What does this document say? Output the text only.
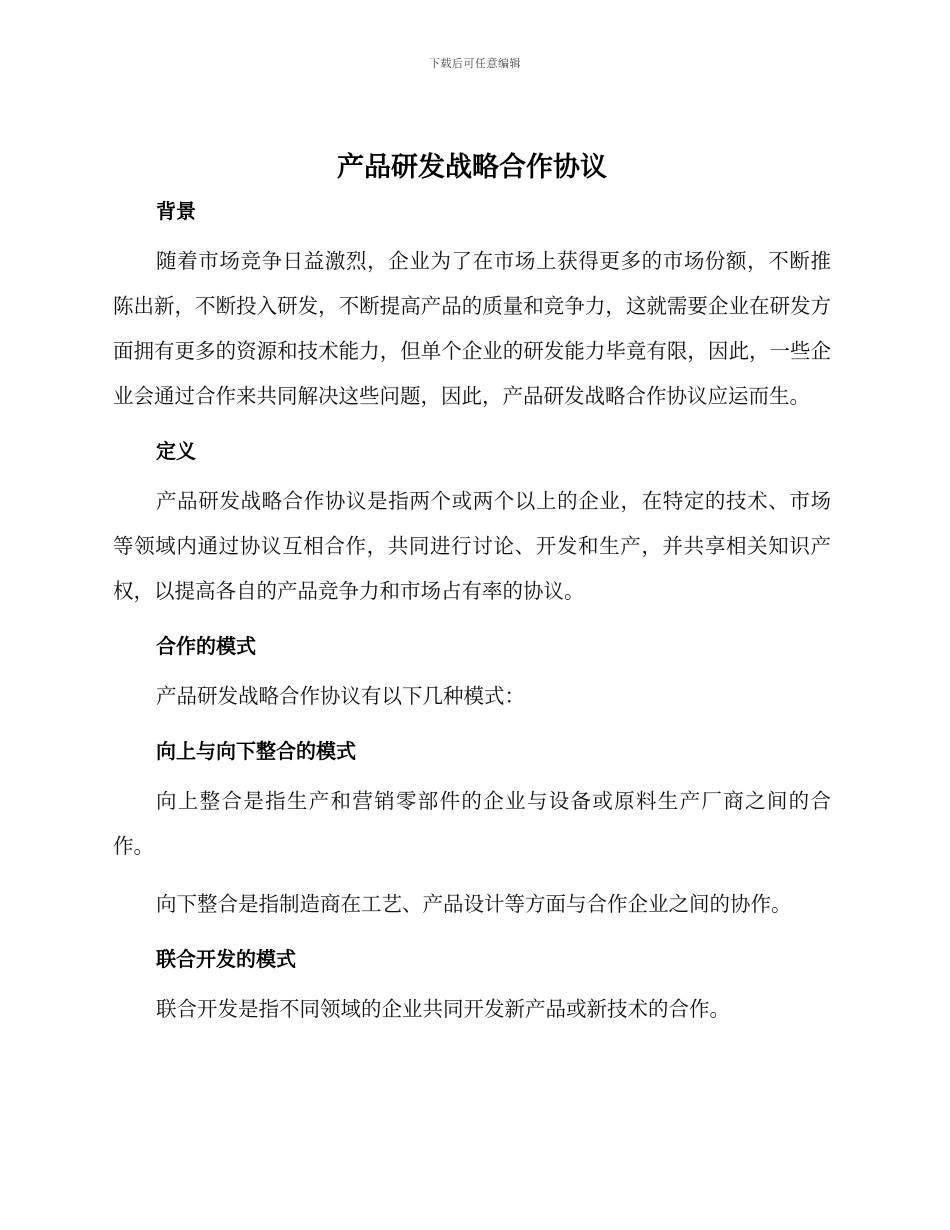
下载后可任意编辑
产品研发战略合作协议
背景

随着市场竞争日益激烈，企业为了在市场上获得更多的市场份额，不断推陈出新，不断投入研发，不断提高产品的质量和竞争力，这就需要企业在研发方面拥有更多的资源和技术能力，但单个企业的研发能力毕竟有限，因此，一些企业会通过合作来共同解决这些问题，因此，产品研发战略合作协议应运而生。

定义

产品研发战略合作协议是指两个或两个以上的企业，在特定的技术、市场等领域内通过协议互相合作，共同进行讨论、开发和生产，并共享相关知识产权，以提高各自的产品竞争力和市场占有率的协议。

合作的模式

产品研发战略合作协议有以下几种模式：

向上与向下整合的模式

向上整合是指生产和营销零部件的企业与设备或原料生产厂商之间的合作。

向下整合是指制造商在工艺、产品设计等方面与合作企业之间的协作。

联合开发的模式

联合开发是指不同领域的企业共同开发新产品或新技术的合作。
